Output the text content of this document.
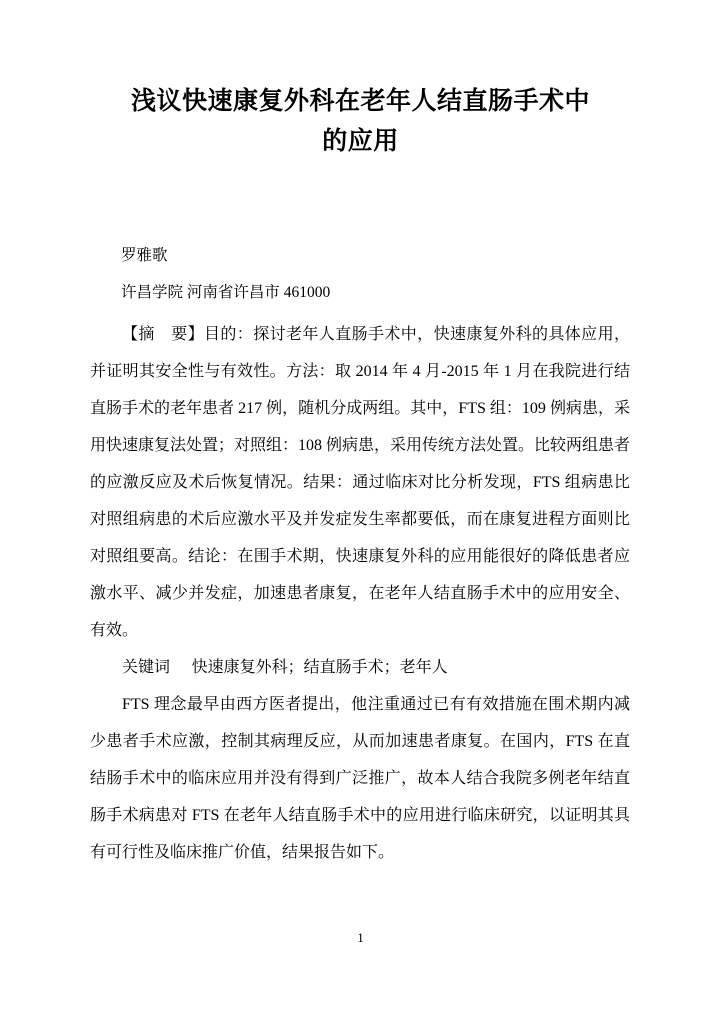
浅议快速康复外科在老年人结直肠手术中
的应用
罗雅歌
许昌学院 河南省许昌市 461000

【摘　要】目的：探讨老年人直肠手术中，快速康复外科的具体应用，并证明其安全性与有效性。方法：取 2014 年 4 月-2015 年 1 月在我院进行结直肠手术的老年患者 217 例，随机分成两组。其中，FTS 组：109 例病患，采用快速康复法处置；对照组：108 例病患，采用传统方法处置。比较两组患者的应激反应及术后恢复情况。结果：通过临床对比分析发现，FTS 组病患比对照组病患的术后应激水平及并发症发生率都要低，而在康复进程方面则比对照组要高。结论：在围手术期，快速康复外科的应用能很好的降低患者应激水平、减少并发症，加速患者康复，在老年人结直肠手术中的应用安全、有效。

关键词 快速康复外科；结直肠手术；老年人

FTS 理念最早由西方医者提出，他注重通过已有有效措施在围术期内减少患者手术应激，控制其病理反应，从而加速患者康复。在国内，FTS 在直结肠手术中的临床应用并没有得到广泛推广，故本人结合我院多例老年结直肠手术病患对 FTS 在老年人结直肠手术中的应用进行临床研究，以证明其具有可行性及临床推广价值，结果报告如下。

1
